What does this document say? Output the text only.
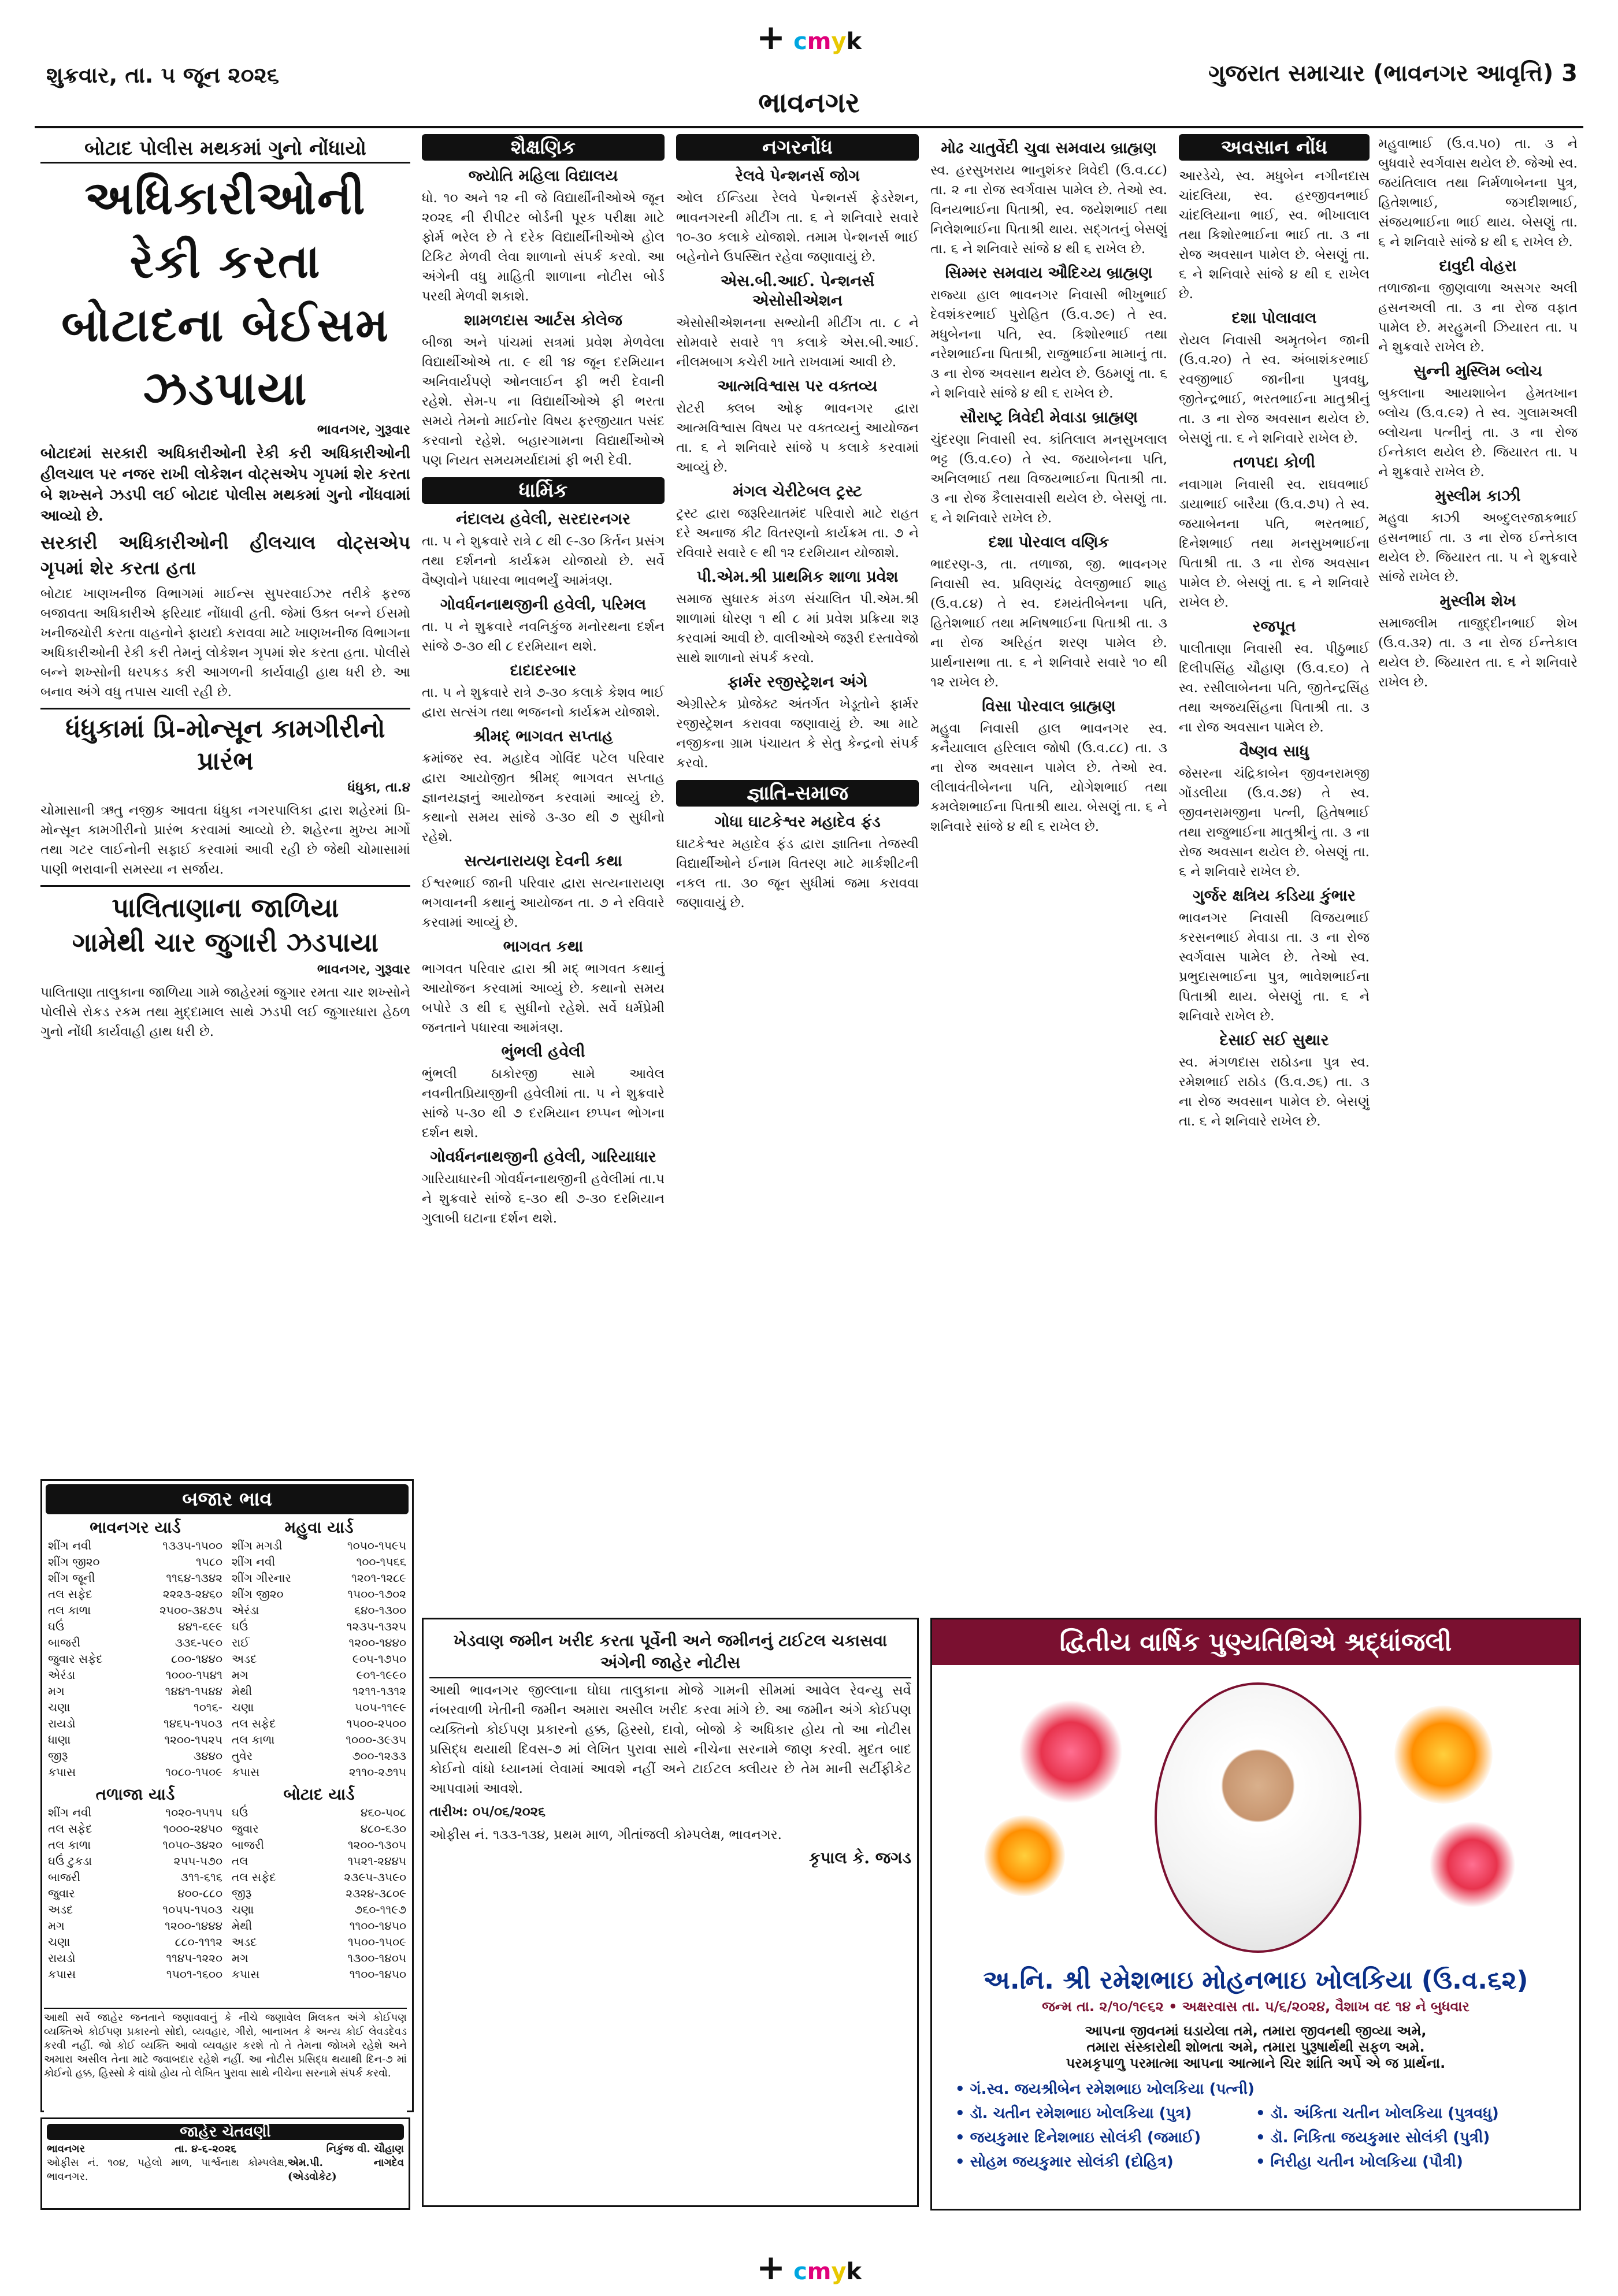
+ cmyk
શુક્રવાર, તા. ૫ જૂન ૨૦૨૬	ગુજરાત સમાચાર (ભાવનગર આવૃત્તિ) 3
ભાવનગર
બોટાદ પોલીસ મથકમાં ગુનો નોંધાયો
અધિકારીઓની રેકી કરતા
બોટાદના બેઈસમ ઝડપાયા

ભાવનગર, ગુરૂવાર

બોટાદમાં સરકારી અધિકારીઓની રેકી કરી અધિકારીઓની હીલચાલ પર નજર રાખી લોકેશન વોટ્સએપ ગૃપમાં શેર કરતા બે શખ્સને ઝડપી લઈ બોટાદ પોલીસ મથકમાં ગુનો નોંધવામાં આવ્યો છે.

સરકારી અધિકારીઓની હીલચાલ વોટ્સએપ ગૃપમાં શેર કરતા હતા

બોટાદ ખાણખનીજ વિભાગમાં માઈન્સ સુપરવાઈઝર તરીકે ફરજ બજાવતા અધિકારીએ ફરિયાદ નોંધાવી હતી. જેમાં ઉક્ત બન્ને ઈસમો ખનીજચોરી કરતા વાહનોને ફાયદો કરાવવા માટે ખાણખનીજ વિભાગના અધિકારીઓની રેકી કરી તેમનું લોકેશન ગૃપમાં શેર કરતા હતા. પોલીસે બન્ને શખ્સોની ધરપકડ કરી આગળની કાર્યવાહી હાથ ધરી છે. આ બનાવ અંગે વધુ તપાસ ચાલી રહી છે.

ધંધુકામાં પ્રિ-મોન્સૂન કામગીરીનો પ્રારંભ

ધંધુકા, તા.૪

ચોમાસાની ઋતુ નજીક આવતા ધંધુકા નગરપાલિકા દ્વારા શહેરમાં પ્રિ-મોન્સૂન કામગીરીનો પ્રારંભ કરવામાં આવ્યો છે. શહેરના મુખ્ય માર્ગો તથા ગટર લાઈનોની સફાઈ કરવામાં આવી રહી છે જેથી ચોમાસામાં પાણી ભરાવાની સમસ્યા ન સર્જાય.

પાલિતાણાના જાળિયા
ગામેથી ચાર જુગારી ઝડપાયા

ભાવનગર, ગુરૂવાર

પાલિતાણા તાલુકાના જાળિયા ગામે જાહેરમાં જુગાર રમતા ચાર શખ્સોને પોલીસે રોકડ રકમ તથા મુદ્દામાલ સાથે ઝડપી લઈ જુગારધારા હેઠળ ગુનો નોંધી કાર્યવાહી હાથ ધરી છે.

બજાર ભાવ
ભાવનગર યાર્ડ
શીંગ નવી	૧૩૩૫-૧૫૦૦
શીંગ જી૨૦	૧૫૮૦
શીંગ જૂની	૧૧૬૪-૧૩૪૨
તલ સફેદ	૨૨૨૩-૨૪૬૦
તલ કાળા	૨૫૦૦-૩૪૭૫
ઘઉં	૪૪૧-૬૯૯
બાજરી	૩૩૬-૫૯૦
જુવાર સફેદ	૮૦૦-૧૪૪૦
એરંડા	૧૦૦૦-૧૫૪૧
મગ	૧૪૪૧-૧૫૪૪
ચણા	૧૦૧૬-
રાયડો	૧૪૬૫-૧૫૦૩
ધાણા	૧૨૦૦-૧૫૨૫
જીરૂ	૩૪૪૦
કપાસ	૧૦૮૦-૧૫૦૯
તળાજા યાર્ડ
શીંગ નવી	૧૦૨૦-૧૫૧૫
તલ સફેદ	૧૦૦૦-૨૪૫૦
તલ કાળા	૧૦૫૦-૩૪૨૦
ઘઉં ટુકડા	૨૫૫-૫૭૦
બાજરી	૩૧૧-૬૧૬
જુવાર	૪૦૦-૮૮૦
અડદ	૧૦૫૫-૧૫૦૩
મગ	૧૨૦૦-૧૪૪૪
ચણા	૮૮૦-૧૧૧૨
રાયડો	૧૧૪૫-૧૨૨૦
કપાસ	૧૫૦૧-૧૬૦૦
મહુવા યાર્ડ
શીંગ મગડી	૧૦૫૦-૧૫૯૫
શીંગ નવી	૧૦૦-૧૫૬૬
શીંગ ગીરનાર	૧૨૦૧-૧૨૮૯
શીંગ જી૨૦	૧૫૦૦-૧૭૦૨
એરંડા	૬૪૦-૧૩૦૦
ઘઉં	૧૨૩૫-૧૩૨૫
રાઈ	૧૨૦૦-૧૪૪૦
અડદ	૯૦૫-૧૭૫૦
મગ	૯૦૧-૧૯૯૦
મેથી	૧૨૧૧-૧૩૧૨
ચણા	૫૦૫-૧૧૯૯
તલ સફેદ	૧૫૦૦-૨૫૦૦
તલ કાળા	૧૦૦૦-૩૯૩૫
તુવેર	૭૦૦-૧૨૩૩
કપાસ	૨૧૧૦-૨૭૧૫
બોટાદ યાર્ડ
ઘઉં	૪૬૦-૫૦૮
જુવાર	૪૮૦-૬૩૦
બાજરી	૧૨૦૦-૧૩૦૫
તલ	૧૫૨૧-૨૪૪૫
તલ સફેદ	૨૩૯૫-૩૫૯૦
જીરૂ	૨૩૨૪-૩૮૦૯
ચણા	૭૬૦-૧૧૯૭
મેથી	૧૧૦૦-૧૪૫૦
અડદ	૧૫૦૦-૧૫૦૯
મગ	૧૩૦૦-૧૪૦૫
કપાસ	૧૧૦૦-૧૪૫૦
શૈક્ષણિક
જ્યોતિ મહિલા વિદ્યાલય

ધો. ૧૦ અને ૧૨ ની જે વિદ્યાર્થીનીઓએ જૂન ૨૦૨૬ ની રીપીટર બોર્ડની પૂરક પરીક્ષા માટે ફોર્મ ભરેલ છે તે દરેક વિદ્યાર્થીનીઓએ હોલ ટિકિટ મેળવી લેવા શાળાનો સંપર્ક કરવો. આ અંગેની વધુ માહિતી શાળાના નોટીસ બોર્ડ પરથી મેળવી શકાશે.

શામળદાસ આર્ટસ કોલેજ

બીજા અને પાંચમાં સત્રમાં પ્રવેશ મેળવેલા વિદ્યાર્થીઓએ તા. ૯ થી ૧૪ જૂન દરમિયાન અનિવાર્યપણે ઓનલાઈન ફી ભરી દેવાની રહેશે. સેમ-૫ ના વિદ્યાર્થીઓએ ફી ભરતા સમયે તેમનો માઈનોર વિષય ફરજીયાત પસંદ કરવાનો રહેશે. બહારગામના વિદ્યાર્થીઓએ પણ નિયત સમયમર્યાદામાં ફી ભરી દેવી.

ધાર્મિક
નંદાલય હવેલી, સરદારનગર

તા. ૫ ને શુક્રવારે રાત્રે ૮ થી ૯-૩૦ કિર્તન પ્રસંગ તથા દર્શનનો કાર્યક્રમ યોજાયો છે. સર્વે વૈષ્ણવોને પધારવા ભાવભર્યું આમંત્રણ.

ગોવર્ધનનાથજીની હવેલી, પરિમલ

તા. ૫ ને શુક્રવારે નવનિકુંજ મનોરથના દર્શન સાંજે ૭-૩૦ થી ૮ દરમિયાન થશે.

દાદાદરબાર

તા. ૫ ને શુક્રવારે રાત્રે ૭-૩૦ કલાકે કેશવ ભાઈ દ્વારા સત્સંગ તથા ભજનનો કાર્યક્રમ યોજાશે.

શ્રીમદ્ ભાગવત સપ્તાહ

ક્રમાંજર સ્વ. મહાદેવ ગોવિંદ પટેલ પરિવાર દ્વારા આયોજીત શ્રીમદ્ ભાગવત સપ્તાહ જ્ઞાનયજ્ઞનું આયોજન કરવામાં આવ્યું છે. કથાનો સમય સાંજે ૩-૩૦ થી ૭ સુધીનો રહેશે.

સત્યનારાયણ દેવની કથા

ઈશ્વરભાઈ જાની પરિવાર દ્વારા સત્યનારાયણ ભગવાનની કથાનું આયોજન તા. ૭ ને રવિવારે કરવામાં આવ્યું છે.

ભાગવત કથા

ભાગવત પરિવાર દ્વારા શ્રી મદ્ ભાગવત કથાનું આયોજન કરવામાં આવ્યું છે. કથાનો સમય બપોરે ૩ થી ૬ સુધીનો રહેશે. સર્વે ધર્મપ્રેમી જનતાને પધારવા આમંત્રણ.

ભુંભલી હવેલી

ભુંભલી ઠાકોરજી સામે આવેલ નવનીતપ્રિયાજીની હવેલીમાં તા. ૫ ને શુક્રવારે સાંજે ૫-૩૦ થી ૭ દરમિયાન છપ્પન ભોગના દર્શન થશે.

ગોવર્ધનનાથજીની હવેલી, ગારિયાધાર

ગારિયાધારની ગોવર્ધનનાથજીની હવેલીમાં તા.૫ ને શુક્રવારે સાંજે ૬-૩૦ થી ૭-૩૦ દરમિયાન ગુલાબી ઘટાના દર્શન થશે.

નગરનોંધ
રેલવે પેન્શનર્સ જોગ

ઓલ ઈન્ડિયા રેલવે પેન્શનર્સ ફેડરેશન, ભાવનગરની મીટીંગ તા. ૬ ને શનિવારે સવારે ૧૦-૩૦ કલાકે યોજાશે. તમામ પેન્શનર્સ ભાઈ બહેનોને ઉપસ્થિત રહેવા જણાવાયું છે.

એસ.બી.આઈ. પેન્શનર્સ એસોસીએશન

એસોસીએશનના સભ્યોની મીટીંગ તા. ૮ ને સોમવારે સવારે ૧૧ કલાકે એસ.બી.આઈ. નીલમબાગ કચેરી ખાતે રાખવામાં આવી છે.

આત્મવિશ્વાસ પર વક્તવ્ય

રોટરી ક્લબ ઓફ ભાવનગર દ્વારા આત્મવિશ્વાસ વિષય પર વક્તવ્યનું આયોજન તા. ૬ ને શનિવારે સાંજે ૫ કલાકે કરવામાં આવ્યું છે.

મંગલ ચેરીટેબલ ટ્રસ્ટ

ટ્રસ્ટ દ્વારા જરૂરિયાતમંદ પરિવારો માટે રાહત દરે અનાજ કીટ વિતરણનો કાર્યક્રમ તા. ૭ ને રવિવારે સવારે ૯ થી ૧૨ દરમિયાન યોજાશે.

પી.એમ.શ્રી પ્રાથમિક શાળા પ્રવેશ

સમાજ સુધારક મંડળ સંચાલિત પી.એમ.શ્રી શાળામાં ધોરણ ૧ થી ૮ માં પ્રવેશ પ્રક્રિયા શરૂ કરવામાં આવી છે. વાલીઓએ જરૂરી દસ્તાવેજો સાથે શાળાનો સંપર્ક કરવો.

ફાર્મર રજીસ્ટ્રેશન અંગે

એગ્રીસ્ટેક પ્રોજેક્ટ અંતર્ગત ખેડૂતોને ફાર્મર રજીસ્ટ્રેશન કરાવવા જણાવાયું છે. આ માટે નજીકના ગ્રામ પંચાયત કે સેતુ કેન્દ્રનો સંપર્ક કરવો.

જ્ઞાતિ-સમાજ
ગોધા ઘાટકેશ્વર મહાદેવ ફંડ

ઘાટકેશ્વર મહાદેવ ફંડ દ્વારા જ્ઞાતિના તેજસ્વી વિદ્યાર્થીઓને ઈનામ વિતરણ માટે માર્કશીટની નકલ તા. ૩૦ જૂન સુધીમાં જમા કરાવવા જણાવાયું છે.

મોઢ ચાતુર્વેદી ચુવા સમવાય બ્રાહ્મણ

સ્વ. હરસુખરાય ભાનુશંકર ત્રિવેદી (ઉ.વ.૮૮) તા. ૨ ના રોજ સ્વર્ગવાસ પામેલ છે. તેઓ સ્વ. વિનયભાઈના પિતાશ્રી, સ્વ. જયેશભાઈ તથા નિલેશભાઈના પિતાશ્રી થાય. સદ્ગતનું બેસણું તા. ૬ ને શનિવારે સાંજે ૪ થી ૬ રાખેલ છે.

સિમ્મર સમવાય ઔદિચ્ય બ્રાહ્મણ

રાજ્યા હાલ ભાવનગર નિવાસી ભીખુભાઈ દેવશંકરભાઈ પુરોહિત (ઉ.વ.૭૯) તે સ્વ. મધુબેનના પતિ, સ્વ. કિશોરભાઈ તથા નરેશભાઈના પિતાશ્રી, રાજુભાઈના મામાનું તા. ૩ ના રોજ અવસાન થયેલ છે. ઉઠમણું તા. ૬ ને શનિવારે સાંજે ૪ થી ૬ રાખેલ છે.

સૌરાષ્ટ્ર ત્રિવેદી મેવાડા બ્રાહ્મણ

ચુંદરણા નિવાસી સ્વ. કાંતિલાલ મનસુખલાલ ભટ્ટ (ઉ.વ.૯૦) તે સ્વ. જયાબેનના પતિ, અનિલભાઈ તથા વિજયભાઈના પિતાશ્રી તા. ૩ ના રોજ કૈલાસવાસી થયેલ છે. બેસણું તા. ૬ ને શનિવારે રાખેલ છે.

દશા પોરવાલ વણિક

ભાદરણ-૩, તા. તળાજા, જી. ભાવનગર નિવાસી સ્વ. પ્રવિણચંદ્ર વેલજીભાઈ શાહ (ઉ.વ.૮૪) તે સ્વ. દમયંતીબેનના પતિ, હિતેશભાઈ તથા મનિષભાઈના પિતાશ્રી તા. ૩ ના રોજ અરિહંત શરણ પામેલ છે. પ્રાર્થનાસભા તા. ૬ ને શનિવારે સવારે ૧૦ થી ૧૨ રાખેલ છે.

વિસા પોરવાલ બ્રાહ્મણ

મહુવા નિવાસી હાલ ભાવનગર સ્વ. કનૈયાલાલ હરિલાલ જોષી (ઉ.વ.૮૮) તા. ૩ ના રોજ અવસાન પામેલ છે. તેઓ સ્વ. લીલાવંતીબેનના પતિ, યોગેશભાઈ તથા કમલેશભાઈના પિતાશ્રી થાય. બેસણું તા. ૬ ને શનિવારે સાંજે ૪ થી ૬ રાખેલ છે.

અવસાન નોંધ

આરડેચે, સ્વ. મધુબેન નગીનદાસ ચાંદલિયા, સ્વ. હરજીવનભાઈ ચાંદલિયાના ભાઈ, સ્વ. ભીખાલાલ તથા કિશોરભાઈના ભાઈ તા. ૩ ના રોજ અવસાન પામેલ છે. બેસણું તા. ૬ ને શનિવારે સાંજે ૪ થી ૬ રાખેલ છે.

દશા પોલાવાલ

રોયલ નિવાસી અમૃતબેન જાની (ઉ.વ.૨૦) તે સ્વ. અંબાશંકરભાઈ રવજીભાઈ જાનીના પુત્રવધુ, જીતેન્દ્રભાઈ, ભરતભાઈના માતુશ્રીનું તા. ૩ ના રોજ અવસાન થયેલ છે. બેસણું તા. ૬ ને શનિવારે રાખેલ છે.

તળપદા કોળી

નવાગામ નિવાસી સ્વ. રાઘવભાઈ ડાયાભાઈ બારૈયા (ઉ.વ.૭૫) તે સ્વ. જયાબેનના પતિ, ભરતભાઈ, દિનેશભાઈ તથા મનસુખભાઈના પિતાશ્રી તા. ૩ ના રોજ અવસાન પામેલ છે. બેસણું તા. ૬ ને શનિવારે રાખેલ છે.

રજપૂત

પાલીતાણા નિવાસી સ્વ. પીઠુભાઈ દિલીપસિંહ ચૌહાણ (ઉ.વ.૬૦) તે સ્વ. રસીલાબેનના પતિ, જીતેન્દ્રસિંહ તથા અજયસિંહના પિતાશ્રી તા. ૩ ના રોજ અવસાન પામેલ છે.

વૈષ્ણવ સાધુ

જેસરના ચંદ્રિકાબેન જીવનરામજી ગોંડલીયા (ઉ.વ.૭૪) તે સ્વ. જીવનરામજીના પત્ની, હિતેષભાઈ તથા રાજુભાઈના માતુશ્રીનું તા. ૩ ના રોજ અવસાન થયેલ છે. બેસણું તા. ૬ ને શનિવારે રાખેલ છે.

ગુર્જર ક્ષત્રિય કડિયા કુંભાર

ભાવનગર નિવાસી વિજયભાઈ કરસનભાઈ મેવાડા તા. ૩ ના રોજ સ્વર્ગવાસ પામેલ છે. તેઓ સ્વ. પ્રભુદાસભાઈના પુત્ર, ભાવેશભાઈના પિતાશ્રી થાય. બેસણું તા. ૬ ને શનિવારે રાખેલ છે.

દેસાઈ સઈ સુથાર

સ્વ. મંગળદાસ રાઠોડના પુત્ર સ્વ. રમેશભાઈ રાઠોડ (ઉ.વ.૭૬) તા. ૩ ના રોજ અવસાન પામેલ છે. બેસણું તા. ૬ ને શનિવારે રાખેલ છે.

મહુવાભાઈ (ઉ.વ.૫૦) તા. ૩ ને બુધવારે સ્વર્ગવાસ થયેલ છે. જેઓ સ્વ. જયંતિલાલ તથા નિર્મળાબેનના પુત્ર, હિતેશભાઈ, જગદીશભાઈ, સંજયભાઈના ભાઈ થાય. બેસણું તા. ૬ ને શનિવારે સાંજે ૪ થી ૬ રાખેલ છે.

દાવુદી વોહરા

તળાજાના જીણવાળા અસગર અલી હસનઅલી તા. ૩ ના રોજ વફાત પામેલ છે. મરહુમની ઝિયારત તા. ૫ ને શુક્રવારે રાખેલ છે.

સુન્ની મુસ્લિમ બ્લોચ

બુકલાના આયશાબેન હેમતખાન બ્લોચ (ઉ.વ.૯૨) તે સ્વ. ગુલામઅલી બ્લોચના પત્નીનું તા. ૩ ના રોજ ઈન્તેકાલ થયેલ છે. જિયારત તા. ૫ ને શુક્રવારે રાખેલ છે.

મુસ્લીમ કાઝી

મહુવા કાઝી અબ્દુલરજાકભાઈ હસનભાઈ તા. ૩ ના રોજ ઈન્તેકાલ થયેલ છે. જિયારત તા. ૫ ને શુક્રવારે સાંજે રાખેલ છે.

મુસ્લીમ શેખ

સમાજલીમ તાજુદ્દીનભાઈ શેખ (ઉ.વ.૩૨) તા. ૩ ના રોજ ઈન્તેકાલ થયેલ છે. જિયારત તા. ૬ ને શનિવારે રાખેલ છે.

ખેડવાણ જમીન ખરીદ કરતા પૂર્વેની અને જમીનનું ટાઈટલ ચકાસવા અંગેની જાહેર નોટીસ

આથી ભાવનગર જીલ્લાના ઘોઘા તાલુકાના મોજે ગામની સીમમાં આવેલ રેવન્યુ સર્વે નંબરવાળી ખેતીની જમીન અમારા અસીલ ખરીદ કરવા માંગે છે. આ જમીન અંગે કોઈપણ વ્યક્તિનો કોઈપણ પ્રકારનો હક્ક, હિસ્સો, દાવો, બોજો કે અધિકાર હોય તો આ નોટીસ પ્રસિદ્ધ થયાથી દિવસ-૭ માં લેખિત પુરાવા સાથે નીચેના સરનામે જાણ કરવી. મુદત બાદ કોઈનો વાંધો ધ્યાનમાં લેવામાં આવશે નહીં અને ટાઈટલ ક્લીયર છે તેમ માની સર્ટીફીકેટ આપવામાં આવશે.

તારીખ: ૦૫/૦૬/૨૦૨૬

ઓફીસ નં. ૧૩૩-૧૩૪, પ્રથમ માળ, ગીતાંજલી કોમ્પલેક્ષ, ભાવનગર.

કૃપાલ કે. જગડ

દ્વિતીય વાર્ષિક પુણ્યતિથિએ શ્રદ્ધાંજલી
અ.નિ. શ્રી રમેશભાઇ મોહનભાઇ ખોલકિયા (ઉ.વ.૬૨)
જન્મ તા. ૨/૧૦/૧૯૬૨ • અક્ષરવાસ તા. ૫/૬/૨૦૨૪, વૈશાખ વદ ૧૪ ને બુધવાર
આપના જીવનમાં ઘડાયેલા તમે, તમારા જીવનથી જીવ્યા અમે,
તમારા સંસ્કારોથી શોભતા અમે, તમારા પુરૂષાર્થથી સફળ અમે.
પરમકૃપાળુ પરમાત્મા આપના આત્માને ચિર શાંતિ અર્પે એ જ પ્રાર્થના.
• ગં.સ્વ. જયશ્રીબેન રમેશભાઇ ખોલકિયા (પત્ની)
• ડૉ. ચતીન રમેશભાઇ ખોલકિયા (પુત્ર)	• ડૉ. અંકિતા ચતીન ખોલકિયા (પુત્રવધુ)
• જયકુમાર દિનેશભાઇ સોલંકી (જમાઈ)	• ડૉ. નિકિતા જયકુમાર સોલંકી (પુત્રી)
• સોહમ જયકુમાર સોલંકી (દોહિત્ર)	• નિરીહા ચતીન ખોલકિયા (પૌત્રી)
જાહેર ચેતવણી
ભાવનગર	તા. ૪-૬-૨૦૨૬	નિકુંજ વી. ચૌહાણ
ઓફીસ નં. ૧૦૪, પહેલો માળ, પાર્શ્વનાથ કોમ્પલેક્ષ, ભાવનગર.
એમ.પી. નાગદેવ (એડવોકેટ)

આથી સર્વે જાહેર જનતાને જણાવવાનું કે નીચે જણાવેલ મિલકત અંગે કોઈપણ વ્યક્તિએ કોઈપણ પ્રકારનો સોદો, વ્યવહાર, ગીરો, બાનાખત કે અન્ય કોઈ લેવડદેવડ કરવી નહીં. જો કોઈ વ્યક્તિ આવો વ્યવહાર કરશે તો તે તેમના જોખમે રહેશે અને અમારા અસીલ તેના માટે જવાબદાર રહેશે નહીં. આ નોટીસ પ્રસિદ્ધ થયાથી દિન-૭ માં કોઈનો હક્ક, હિસ્સો કે વાંધો હોય તો લેખિત પુરાવા સાથે નીચેના સરનામે સંપર્ક કરવો.

+ cmyk
